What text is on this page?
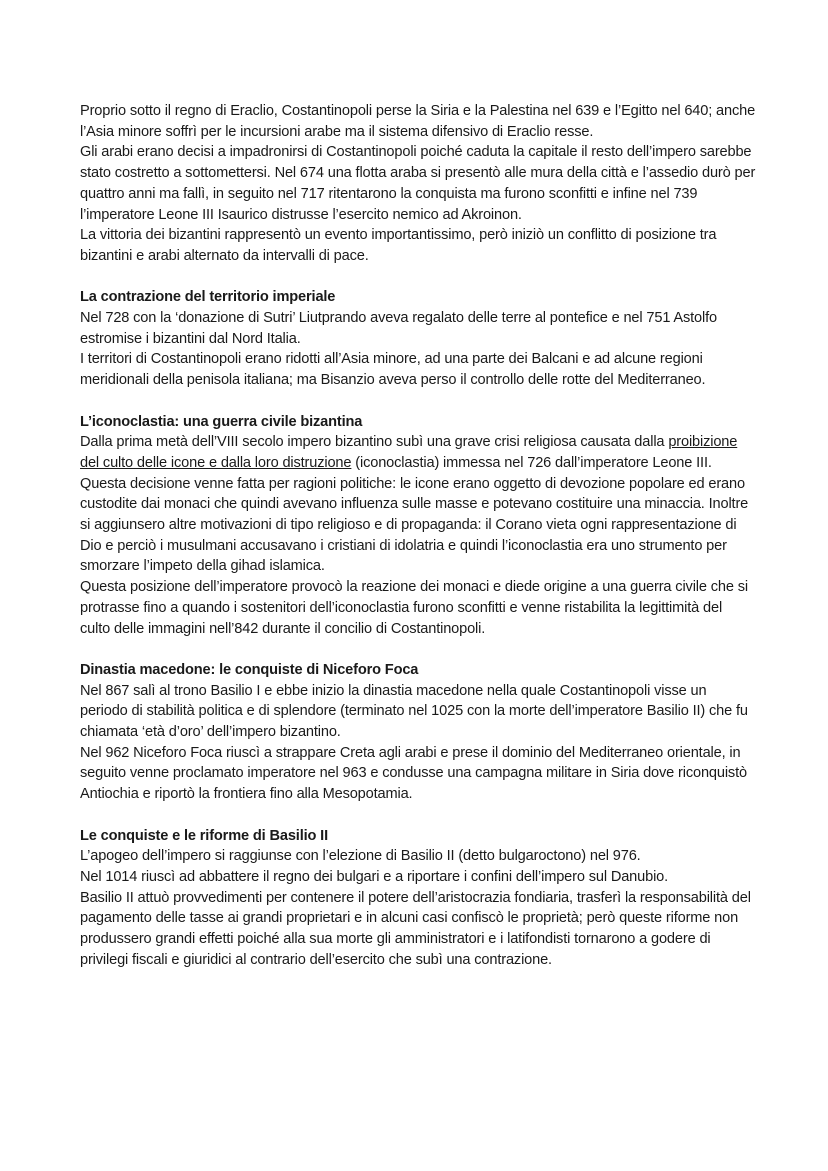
Proprio sotto il regno di Eraclio, Costantinopoli perse la Siria e la Palestina nel 639 e l’Egitto nel 640; anche l’Asia minore soffrì per le incursioni arabe ma il sistema difensivo di Eraclio resse.

Gli arabi erano decisi a impadronirsi di Costantinopoli poiché caduta la capitale il resto dell’impero sarebbe stato costretto a sottomettersi. Nel 674 una flotta araba si presentò alle mura della città e l’assedio durò per quattro anni ma fallì, in seguito nel 717 ritentarono la conquista ma furono sconfitti e infine nel 739 l’imperatore Leone III Isaurico distrusse l’esercito nemico ad Akroinon.

La vittoria dei bizantini rappresentò un evento importantissimo, però iniziò un conflitto di posizione tra bizantini e arabi alternato da intervalli di pace.

La contrazione del territorio imperiale

Nel 728 con la ‘donazione di Sutri’ Liutprando aveva regalato delle terre al pontefice e nel 751 Astolfo estromise i bizantini dal Nord Italia.

I territori di Costantinopoli erano ridotti all’Asia minore, ad una parte dei Balcani e ad alcune regioni meridionali della penisola italiana; ma Bisanzio aveva perso il controllo delle rotte del Mediterraneo.

L’iconoclastia: una guerra civile bizantina

Dalla prima metà dell’VIII secolo impero bizantino subì una grave crisi religiosa causata dalla proibizione del culto delle icone e dalla loro distruzione (iconoclastia) immessa nel 726 dall’imperatore Leone III.

Questa decisione venne fatta per ragioni politiche: le icone erano oggetto di devozione popolare ed erano custodite dai monaci che quindi avevano influenza sulle masse e potevano costituire una minaccia. Inoltre si aggiunsero altre motivazioni di tipo religioso e di propaganda: il Corano vieta ogni rappresentazione di Dio e perciò i musulmani accusavano i cristiani di idolatria e quindi l’iconoclastia era uno strumento per smorzare l’impeto della gihad islamica.

Questa posizione dell’imperatore provocò la reazione dei monaci e diede origine a una guerra civile che si protrasse fino a quando i sostenitori dell’iconoclastia furono sconfitti e venne ristabilita la legittimità del culto delle immagini nell’842 durante il concilio di Costantinopoli.

Dinastia macedone: le conquiste di Niceforo Foca

Nel 867 salì al trono Basilio I e ebbe inizio la dinastia macedone nella quale Costantinopoli visse un periodo di stabilità politica e di splendore (terminato nel 1025 con la morte dell’imperatore Basilio II) che fu chiamata ‘età d’oro’ dell’impero bizantino.

Nel 962 Niceforo Foca riuscì a strappare Creta agli arabi e prese il dominio del Mediterraneo orientale, in seguito venne proclamato imperatore nel 963 e condusse una campagna militare in Siria dove riconquistò Antiochia e riportò la frontiera fino alla Mesopotamia.

Le conquiste e le riforme di Basilio II

L’apogeo dell’impero si raggiunse con l’elezione di Basilio II (detto bulgaroctono) nel 976.

Nel 1014 riuscì ad abbattere il regno dei bulgari e a riportare i confini dell’impero sul Danubio.

Basilio II attuò provvedimenti per contenere il potere dell’aristocrazia fondiaria, trasferì la responsabilità del pagamento delle tasse ai grandi proprietari e in alcuni casi confiscò le proprietà; però queste riforme non produssero grandi effetti poiché alla sua morte gli amministratori e i latifondisti tornarono a godere di privilegi fiscali e giuridici al contrario dell’esercito che subì una contrazione.
